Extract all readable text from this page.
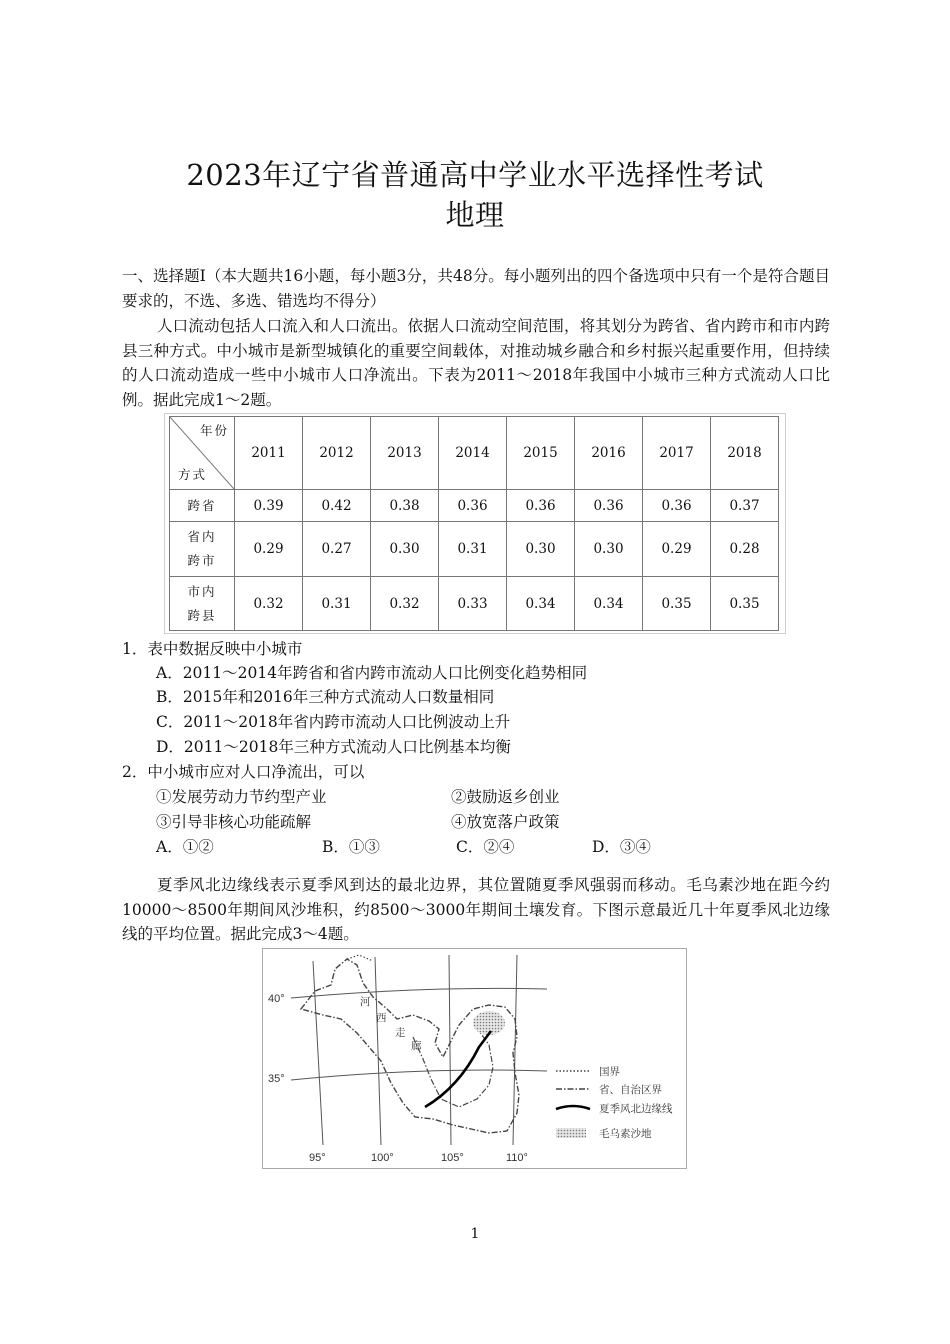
2023年辽宁省普通高中学业水平选择性考试
地理
一、选择题Ⅰ（本大题共16小题，每小题3分，共48分。每小题列出的四个备选项中只有一个是符合题目要求的，不选、多选、错选均不得分）
人口流动包括人口流入和人口流出。依据人口流动空间范围，将其划分为跨省、省内跨市和市内跨县三种方式。中小城市是新型城镇化的重要空间载体，对推动城乡融合和乡村振兴起重要作用，但持续的人口流动造成一些中小城市人口净流出。下表为2011～2018年我国中小城市三种方式流动人口比例。据此完成1～2题。
年份
方式	2011	2012	2013	2014	2015	2016	2017	2018
跨省	0.39	0.42	0.38	0.36	0.36	0.36	0.36	0.37
省内
跨市	0.29	0.27	0.30	0.31	0.30	0.30	0.29	0.28
市内
跨县	0.32	0.31	0.32	0.33	0.34	0.34	0.35	0.35
1．表中数据反映中小城市
A．2011～2014年跨省和省内跨市流动人口比例变化趋势相同
B．2015年和2016年三种方式流动人口数量相同
C．2011～2018年省内跨市流动人口比例波动上升
D．2011～2018年三种方式流动人口比例基本均衡
2．中小城市应对人口净流出，可以
①发展劳动力节约型产业	②鼓励返乡创业
③引导非核心功能疏解	④放宽落户政策
A．①②	B．①③	C．②④	D．③④
夏季风北边缘线表示夏季风到达的最北边界，其位置随夏季风强弱而移动。毛乌素沙地在距今约10000～8500年期间风沙堆积，约8500～3000年期间土壤发育。下图示意最近几十年夏季风北边缘线的平均位置。据此完成3～4题。
40°
35°
95°	100°	105°	110°
河
西
走
廊
国界
省、自治区界
夏季风北边缘线
毛乌素沙地
1
